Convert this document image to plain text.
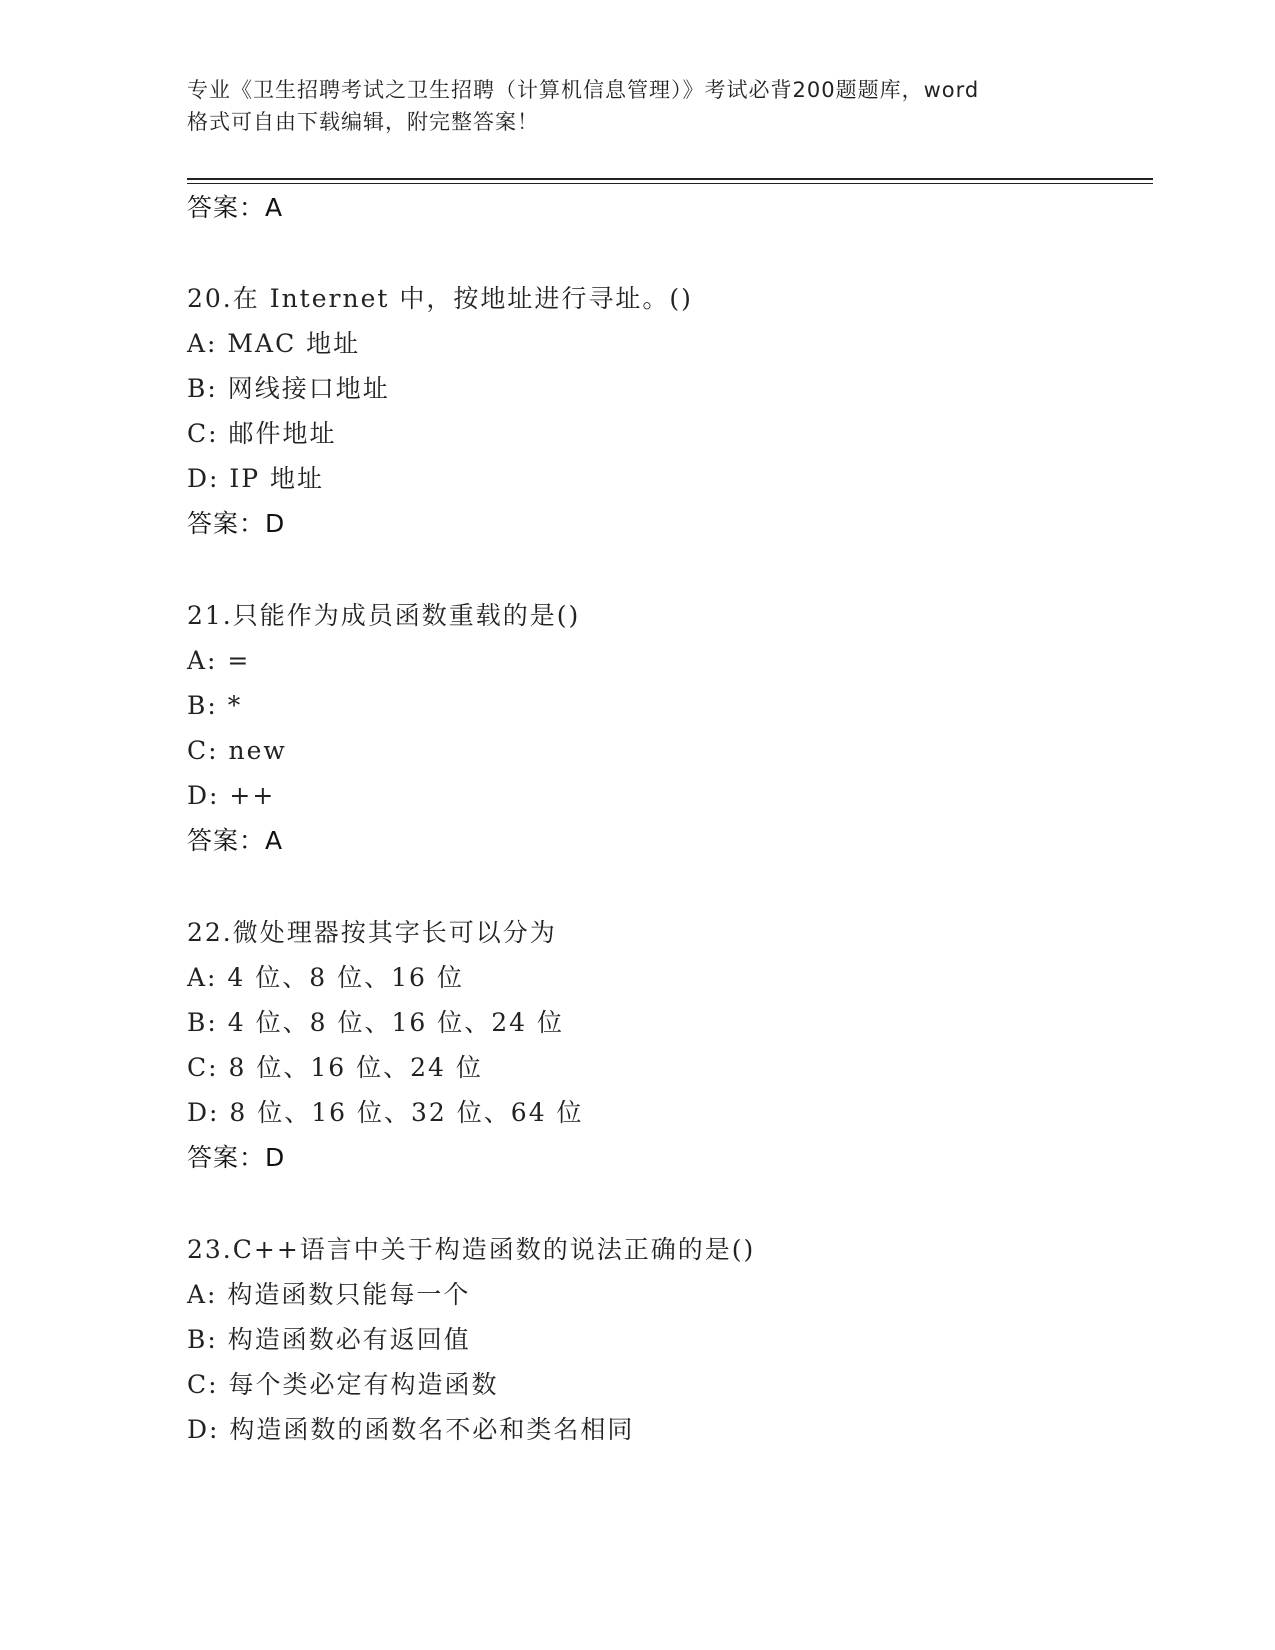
专业《卫生招聘考试之卫生招聘（计算机信息管理）》考试必背200题题库，word
格式可自由下载编辑，附完整答案！
答案：A
20.在 Internet 中，按地址进行寻址。()
A: MAC 地址
B: 网线接口地址
C: 邮件地址
D: IP 地址
答案：D
21.只能作为成员函数重载的是()
A: =
B: *
C: new
D: ++
答案：A
22.微处理器按其字长可以分为
A: 4 位、8 位、16 位
B: 4 位、8 位、16 位、24 位
C: 8 位、16 位、24 位
D: 8 位、16 位、32 位、64 位
答案：D
23.C++语言中关于构造函数的说法正确的是()
A: 构造函数只能每一个
B: 构造函数必有返回值
C: 每个类必定有构造函数
D: 构造函数的函数名不必和类名相同
